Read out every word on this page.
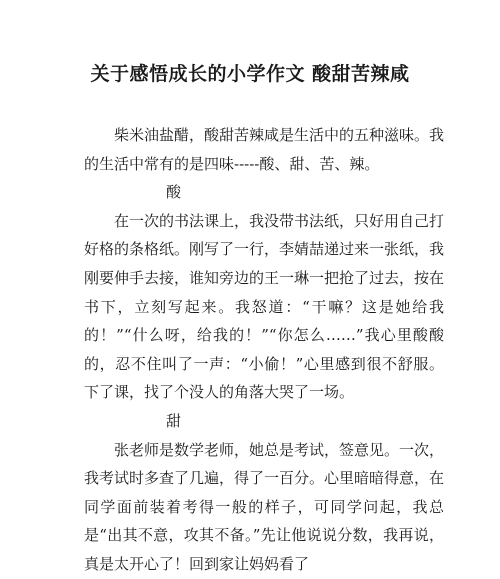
关于感悟成长的小学作文 酸甜苦辣咸

柴米油盐醋，酸甜苦辣咸是生活中的五种滋味。我的生活中常有的是四味-----酸、甜、苦、辣。

酸

在一次的书法课上，我没带书法纸，只好用自己打好格的条格纸。刚写了一行，李婧喆递过来一张纸，我刚要伸手去接，谁知旁边的王一琳一把抢了过去，按在书下，立刻写起来。我怒道：“干嘛？这是她给我的！”“什么呀，给我的！”“你怎么……”我心里酸酸的，忍不住叫了一声：“小偷！”心里感到很不舒服。下了课，找了个没人的角落大哭了一场。

甜

张老师是数学老师，她总是考试，签意见。一次，我考试时多查了几遍，得了一百分。心里暗暗得意，在同学面前装着考得一般的样子，可同学问起，我总是“出其不意，攻其不备。”先让他说说分数，我再说，真是太开心了！回到家让妈妈看了
